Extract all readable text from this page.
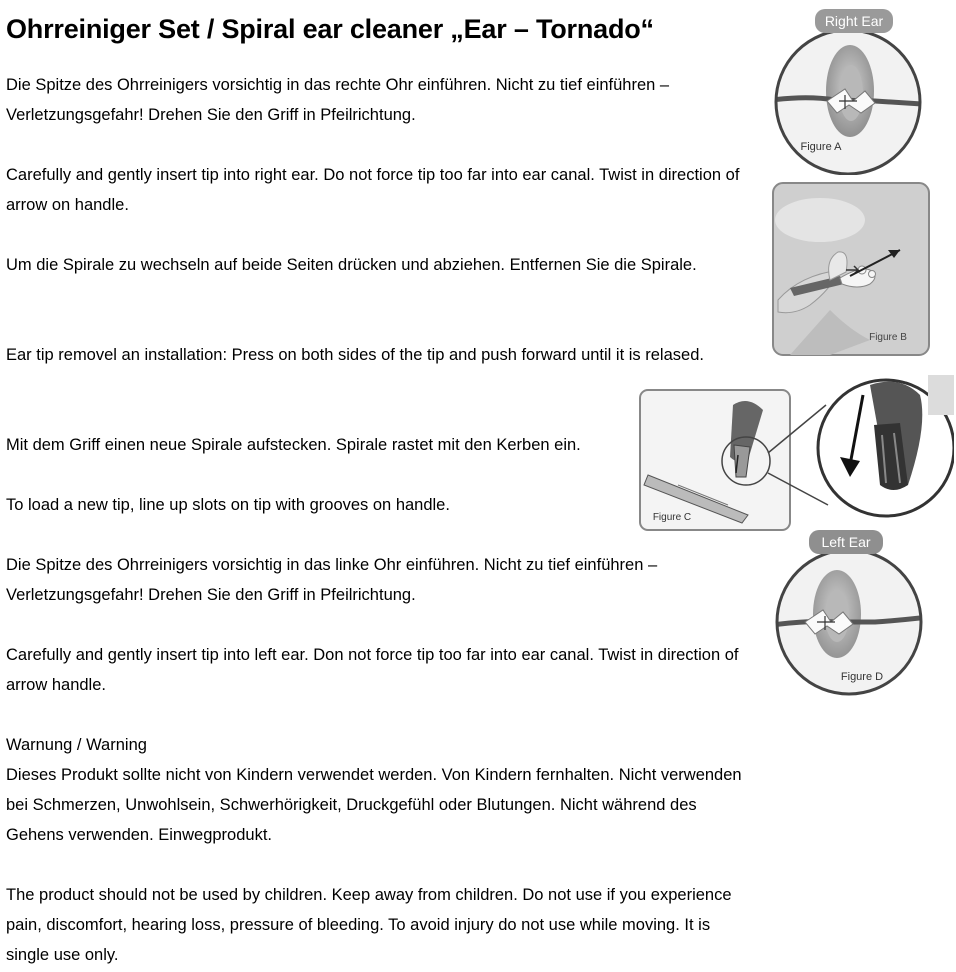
Ohrreiniger Set / Spiral ear cleaner „Ear – Tornado“

Die Spitze des Ohrreinigers vorsichtig in das rechte Ohr einführen. Nicht zu tief einführen – Verletzungsgefahr! Drehen Sie den Griff in Pfeilrichtung.

Carefully and gently insert tip into right ear. Do not force tip too far into ear canal. Twist in direction of arrow on handle.

Um die Spirale zu wechseln auf beide Seiten drücken und abziehen. Entfernen Sie die Spirale.

Ear tip removel an installation: Press on both sides of the tip and push forward until it is relased.

Mit dem Griff einen neue Spirale aufstecken. Spirale rastet mit den Kerben ein.

To load a new tip, line up slots on tip with grooves on handle.

Die Spitze des Ohrreinigers vorsichtig in das linke Ohr einführen. Nicht zu tief einführen – Verletzungsgefahr! Drehen Sie den Griff in Pfeilrichtung.

Carefully and gently insert tip into left ear. Don not force tip too far into ear canal. Twist in direction of arrow handle.

Warnung / Warning

Dieses Produkt sollte nicht von Kindern verwendet werden. Von Kindern fernhalten. Nicht verwenden bei Schmerzen, Unwohlsein, Schwerhörigkeit, Druckgefühl oder Blutungen. Nicht während des Gehens verwenden. Einwegprodukt.

The product should not be used by children. Keep away from children. Do not use if you experience pain, discomfort, hearing loss, pressure of bleeding. To avoid injury do not use while moving. It is single use only.

Right Ear
Figure A
Figure B
Figure C
Left Ear
Figure D
